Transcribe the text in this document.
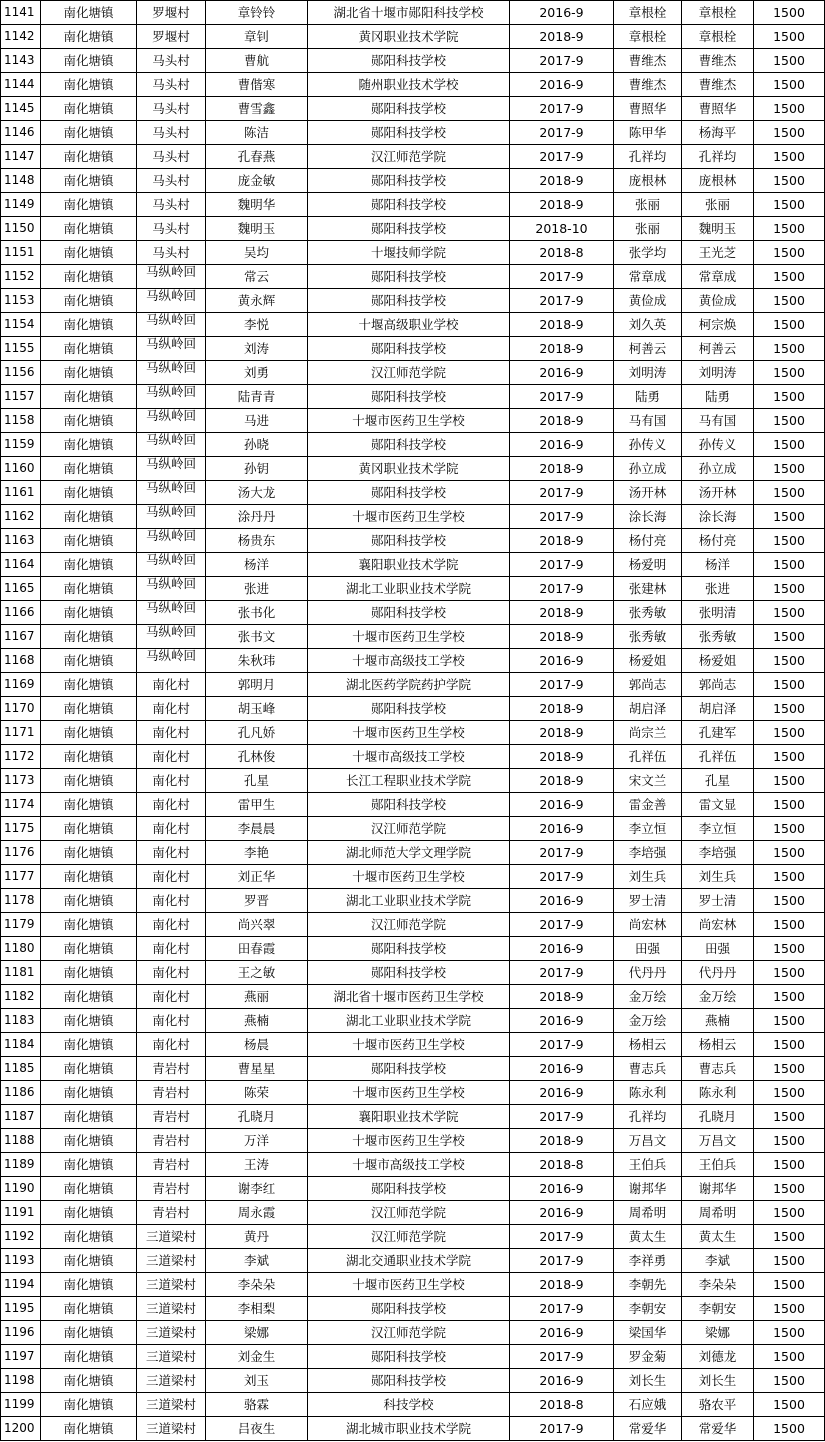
1141	南化塘镇	罗堰村	章铃铃	湖北省十堰市郧阳科技学校	2016-9	章根栓	章根栓	1500
1142	南化塘镇	罗堰村	章钊	黄冈职业技术学院	2018-9	章根栓	章根栓	1500
1143	南化塘镇	马头村	曹航	郧阳科技学校	2017-9	曹维杰	曹维杰	1500
1144	南化塘镇	马头村	曹偕寒	随州职业技术学校	2016-9	曹维杰	曹维杰	1500
1145	南化塘镇	马头村	曹雪鑫	郧阳科技学校	2017-9	曹照华	曹照华	1500
1146	南化塘镇	马头村	陈洁	郧阳科技学校	2017-9	陈甲华	杨海平	1500
1147	南化塘镇	马头村	孔春燕	汉江师范学院	2017-9	孔祥均	孔祥均	1500
1148	南化塘镇	马头村	庞金敏	郧阳科技学校	2018-9	庞根林	庞根林	1500
1149	南化塘镇	马头村	魏明华	郧阳科技学校	2018-9	张丽	张丽	1500
1150	南化塘镇	马头村	魏明玉	郧阳科技学校	2018-10	张丽	魏明玉	1500
1151	南化塘镇	马头村	吴均	十堰技师学院	2018-8	张学均	王光芝	1500
1152	南化塘镇	马纵岭回	常云	郧阳科技学校	2017-9	常章成	常章成	1500
1153	南化塘镇	马纵岭回	黄永辉	郧阳科技学校	2017-9	黄俭成	黄俭成	1500
1154	南化塘镇	马纵岭回	李悦	十堰高级职业学校	2018-9	刘久英	柯宗焕	1500
1155	南化塘镇	马纵岭回	刘涛	郧阳科技学校	2018-9	柯善云	柯善云	1500
1156	南化塘镇	马纵岭回	刘勇	汉江师范学院	2016-9	刘明涛	刘明涛	1500
1157	南化塘镇	马纵岭回	陆青青	郧阳科技学校	2017-9	陆勇	陆勇	1500
1158	南化塘镇	马纵岭回	马进	十堰市医药卫生学校	2018-9	马有国	马有国	1500
1159	南化塘镇	马纵岭回	孙晓	郧阳科技学校	2016-9	孙传义	孙传义	1500
1160	南化塘镇	马纵岭回	孙钥	黄冈职业技术学院	2018-9	孙立成	孙立成	1500
1161	南化塘镇	马纵岭回	汤大龙	郧阳科技学校	2017-9	汤开林	汤开林	1500
1162	南化塘镇	马纵岭回	涂丹丹	十堰市医药卫生学校	2017-9	涂长海	涂长海	1500
1163	南化塘镇	马纵岭回	杨贵东	郧阳科技学校	2018-9	杨付亮	杨付亮	1500
1164	南化塘镇	马纵岭回	杨洋	襄阳职业技术学院	2017-9	杨爱明	杨洋	1500
1165	南化塘镇	马纵岭回	张进	湖北工业职业技术学院	2017-9	张建林	张进	1500
1166	南化塘镇	马纵岭回	张书化	郧阳科技学校	2018-9	张秀敏	张明清	1500
1167	南化塘镇	马纵岭回	张书文	十堰市医药卫生学校	2018-9	张秀敏	张秀敏	1500
1168	南化塘镇	马纵岭回	朱秋玮	十堰市高级技工学校	2016-9	杨爱姐	杨爱姐	1500
1169	南化塘镇	南化村	郭明月	湖北医药学院药护学院	2017-9	郭尚志	郭尚志	1500
1170	南化塘镇	南化村	胡玉峰	郧阳科技学校	2018-9	胡启泽	胡启泽	1500
1171	南化塘镇	南化村	孔凡娇	十堰市医药卫生学校	2018-9	尚宗兰	孔建军	1500
1172	南化塘镇	南化村	孔林俊	十堰市高级技工学校	2018-9	孔祥伍	孔祥伍	1500
1173	南化塘镇	南化村	孔星	长江工程职业技术学院	2018-9	宋文兰	孔星	1500
1174	南化塘镇	南化村	雷甲生	郧阳科技学校	2016-9	雷金善	雷文显	1500
1175	南化塘镇	南化村	李晨晨	汉江师范学院	2016-9	李立恒	李立恒	1500
1176	南化塘镇	南化村	李艳	湖北师范大学文理学院	2017-9	李培强	李培强	1500
1177	南化塘镇	南化村	刘正华	十堰市医药卫生学校	2017-9	刘生兵	刘生兵	1500
1178	南化塘镇	南化村	罗晋	湖北工业职业技术学院	2016-9	罗士清	罗士清	1500
1179	南化塘镇	南化村	尚兴翠	汉江师范学院	2017-9	尚宏林	尚宏林	1500
1180	南化塘镇	南化村	田春霞	郧阳科技学校	2016-9	田强	田强	1500
1181	南化塘镇	南化村	王之敏	郧阳科技学校	2017-9	代丹丹	代丹丹	1500
1182	南化塘镇	南化村	燕丽	湖北省十堰市医药卫生学校	2018-9	金万绘	金万绘	1500
1183	南化塘镇	南化村	燕楠	湖北工业职业技术学院	2016-9	金万绘	燕楠	1500
1184	南化塘镇	南化村	杨晨	十堰市医药卫生学校	2017-9	杨相云	杨相云	1500
1185	南化塘镇	青岩村	曹星星	郧阳科技学校	2016-9	曹志兵	曹志兵	1500
1186	南化塘镇	青岩村	陈荣	十堰市医药卫生学校	2016-9	陈永利	陈永利	1500
1187	南化塘镇	青岩村	孔晓月	襄阳职业技术学院	2017-9	孔祥均	孔晓月	1500
1188	南化塘镇	青岩村	万洋	十堰市医药卫生学校	2018-9	万昌文	万昌文	1500
1189	南化塘镇	青岩村	王涛	十堰市高级技工学校	2018-8	王伯兵	王伯兵	1500
1190	南化塘镇	青岩村	谢李红	郧阳科技学校	2016-9	谢邦华	谢邦华	1500
1191	南化塘镇	青岩村	周永霞	汉江师范学院	2016-9	周希明	周希明	1500
1192	南化塘镇	三道梁村	黄丹	汉江师范学院	2017-9	黄太生	黄太生	1500
1193	南化塘镇	三道梁村	李斌	湖北交通职业技术学院	2017-9	李祥勇	李斌	1500
1194	南化塘镇	三道梁村	李朵朵	十堰市医药卫生学校	2018-9	李朝先	李朵朵	1500
1195	南化塘镇	三道梁村	李相梨	郧阳科技学校	2017-9	李朝安	李朝安	1500
1196	南化塘镇	三道梁村	梁娜	汉江师范学院	2016-9	梁国华	梁娜	1500
1197	南化塘镇	三道梁村	刘金生	郧阳科技学校	2017-9	罗金菊	刘德龙	1500
1198	南化塘镇	三道梁村	刘玉	郧阳科技学校	2016-9	刘长生	刘长生	1500
1199	南化塘镇	三道梁村	骆霖	科技学校	2018-8	石应娥	骆农平	1500
1200	南化塘镇	三道梁村	吕夜生	湖北城市职业技术学院	2017-9	常爱华	常爱华	1500
